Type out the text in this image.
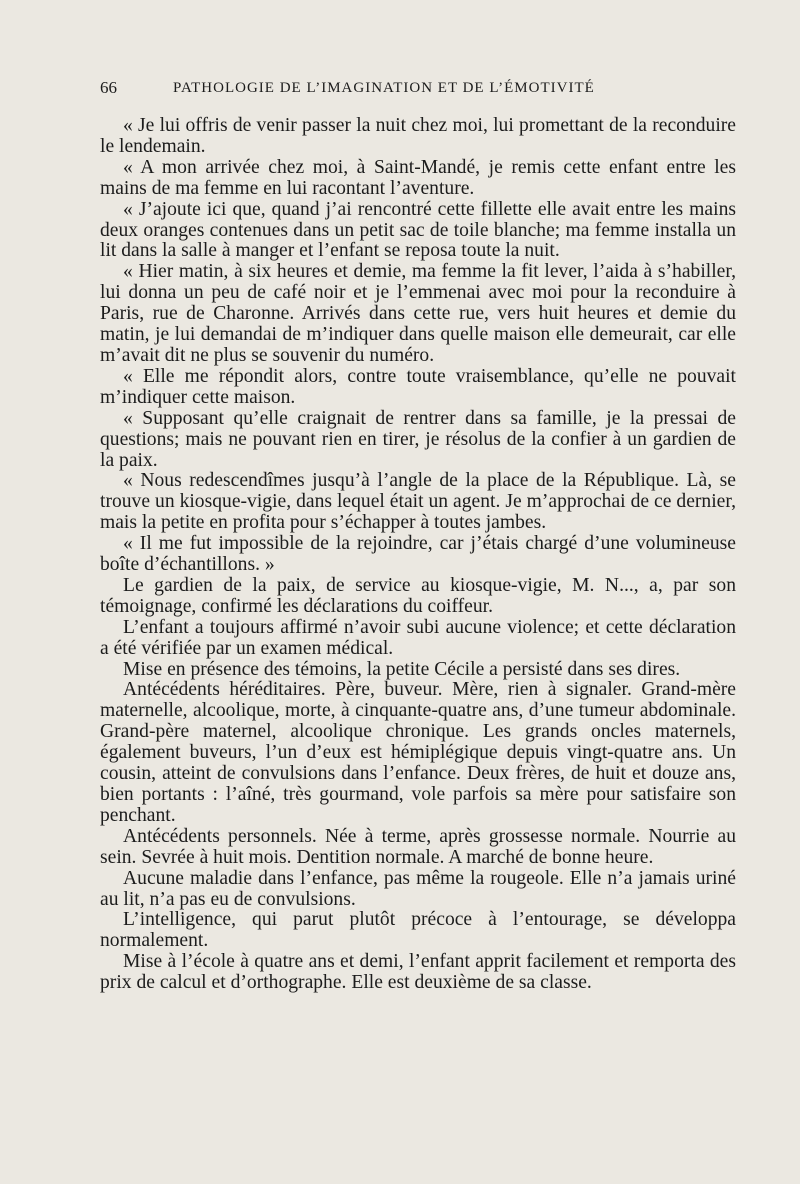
66	PATHOLOGIE DE L’IMAGINATION ET DE L’ÉMOTIVITÉ

« Je lui offris de venir passer la nuit chez moi, lui promettant de la reconduire le lendemain.

« A mon arrivée chez moi, à Saint-Mandé, je remis cette enfant entre les mains de ma femme en lui racontant l’aventure.

« J’ajoute ici que, quand j’ai rencontré cette fillette elle avait entre les mains deux oranges contenues dans un petit sac de toile blanche; ma femme installa un lit dans la salle à manger et l’enfant se reposa toute la nuit.

« Hier matin, à six heures et demie, ma femme la fit lever, l’aida à s’habiller, lui donna un peu de café noir et je l’emmenai avec moi pour la reconduire à Paris, rue de Charonne. Arrivés dans cette rue, vers huit heures et demie du matin, je lui demandai de m’indiquer dans quelle maison elle demeurait, car elle m’avait dit ne plus se souvenir du numéro.

« Elle me répondit alors, contre toute vraisemblance, qu’elle ne pouvait m’indiquer cette maison.

« Supposant qu’elle craignait de rentrer dans sa famille, je la pressai de questions; mais ne pouvant rien en tirer, je résolus de la confier à un gardien de la paix.

« Nous redescendîmes jusqu’à l’angle de la place de la République. Là, se trouve un kiosque-vigie, dans lequel était un agent. Je m’approchai de ce dernier, mais la petite en profita pour s’échapper à toutes jambes.

« Il me fut impossible de la rejoindre, car j’étais chargé d’une volumineuse boîte d’échantillons. »

Le gardien de la paix, de service au kiosque-vigie, M. N..., a, par son témoignage, confirmé les déclarations du coiffeur.

L’enfant a toujours affirmé n’avoir subi aucune violence; et cette déclaration a été vérifiée par un examen médical.

Mise en présence des témoins, la petite Cécile a persisté dans ses dires.

Antécédents héréditaires. Père, buveur. Mère, rien à signaler. Grand-mère maternelle, alcoolique, morte, à cinquante-quatre ans, d’une tumeur abdominale. Grand-père maternel, alcoolique chronique. Les grands oncles maternels, également buveurs, l’un d’eux est hémiplégique depuis vingt-quatre ans. Un cousin, atteint de convulsions dans l’enfance. Deux frères, de huit et douze ans, bien portants : l’aîné, très gourmand, vole parfois sa mère pour satisfaire son penchant.

Antécédents personnels. Née à terme, après grossesse normale. Nourrie au sein. Sevrée à huit mois. Dentition normale. A marché de bonne heure.

Aucune maladie dans l’enfance, pas même la rougeole. Elle n’a jamais uriné au lit, n’a pas eu de convulsions.

L’intelligence, qui parut plutôt précoce à l’entourage, se développa normalement.

Mise à l’école à quatre ans et demi, l’enfant apprit facilement et remporta des prix de calcul et d’orthographe. Elle est deuxième de sa classe.
